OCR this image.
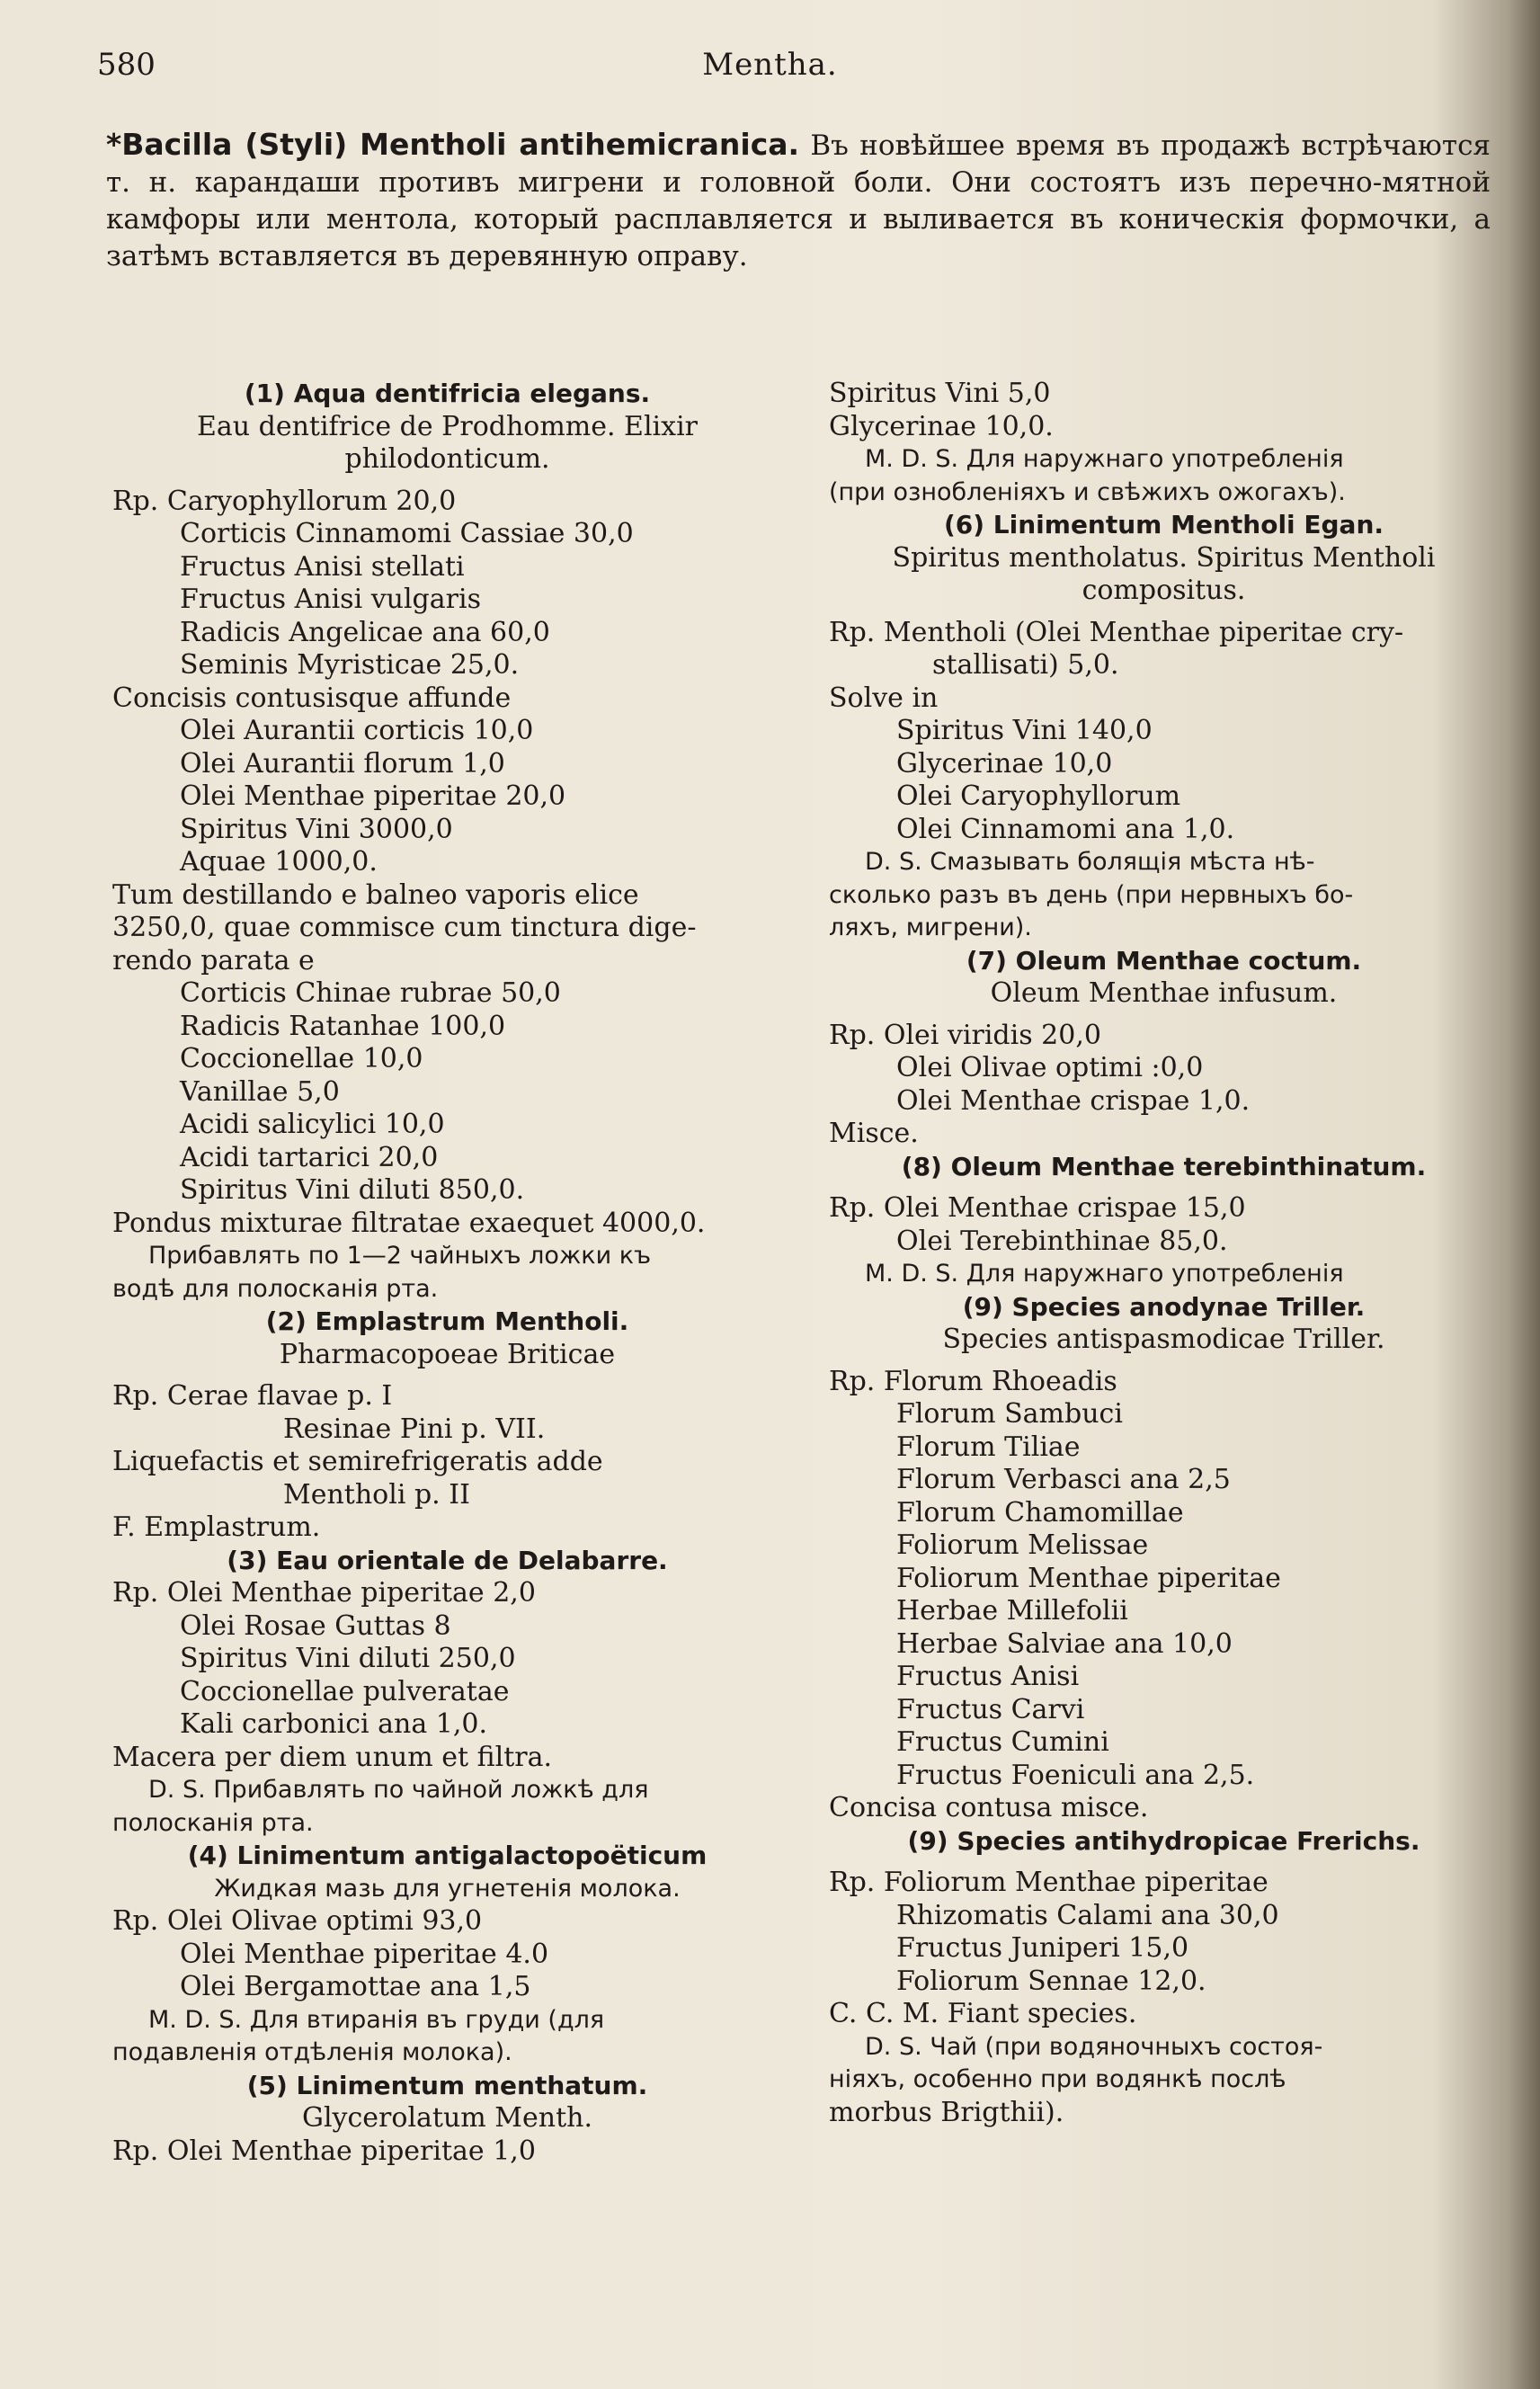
580	Mentha.
*Bacilla (Styli) Mentholi antihemicranica. Въ новѣйшее время въ продажѣ встрѣчаются т. н. карандаши противъ мигрени и головной боли. Они состоятъ изъ перечно-мятной камфоры или ментола, который расплавляется и выливается въ коническія формочки, а затѣмъ вставляется въ деревянную оправу.
(1) Aqua dentifricia elegans.
Eau dentifrice de Prodhomme. Elixir
philodonticum.
Rp. Caryophyllorum 20,0
Corticis Cinnamomi Cassiae 30,0
Fructus Anisi stellati
Fructus Anisi vulgaris
Radicis Angelicae ana 60,0
Seminis Myristicae 25,0.
Concisis contusisque affunde
Olei Aurantii corticis 10,0
Olei Aurantii florum 1,0
Olei Menthae piperitae 20,0
Spiritus Vini 3000,0
Aquae 1000,0.
Tum destillando e balneo vaporis elice
3250,0, quae commisce cum tinctura dige-
rendo parata e
Corticis Chinae rubrae 50,0
Radicis Ratanhae 100,0
Coccionellae 10,0
Vanillae 5,0
Acidi salicylici 10,0
Acidi tartarici 20,0
Spiritus Vini diluti 850,0.
Pondus mixturae filtratae exaequet 4000,0.
Прибавлять по 1—2 чайныхъ ложки къ
водѣ для полосканія рта.
(2) Emplastrum Mentholi.
Pharmacopoeae Briticae
Rp. Cerae flavae p. I
Resinae Pini p. VII.
Liquefactis et semirefrigeratis adde
Mentholi p. II
F. Emplastrum.
(3) Eau orientale de Delabarre.
Rp. Olei Menthae piperitae 2,0
Olei Rosae Guttas 8
Spiritus Vini diluti 250,0
Coccionellae pulveratae
Kali carbonici ana 1,0.
Macera per diem unum et filtra.
D. S. Прибавлять по чайной ложкѣ для
полосканія рта.
(4) Linimentum antigalactopoëticum
Жидкая мазь для угнетенія молока.
Rp. Olei Olivae optimi 93,0
Olei Menthae piperitae 4.0
Olei Bergamottae ana 1,5
M. D. S. Для втиранія въ груди (для
подавленія отдѣленія молока).
(5) Linimentum menthatum.
Glycerolatum Menth.
Rp. Olei Menthae piperitae 1,0
Spiritus Vini 5,0
Glycerinae 10,0.
M. D. S. Для наружнаго употребленія
(при ознобленіяхъ и свѣжихъ ожогахъ).
(6) Linimentum Mentholi Egan.
Spiritus mentholatus. Spiritus Mentholi
compositus.
Rp. Mentholi (Olei Menthae piperitae cry-
stallisati) 5,0.
Solve in
Spiritus Vini 140,0
Glycerinae 10,0
Olei Caryophyllorum
Olei Cinnamomi ana 1,0.
D. S. Смазывать болящія мѣста нѣ-
сколько разъ въ день (при нервныхъ бо-
ляхъ, мигрени).
(7) Oleum Menthae coctum.
Oleum Menthae infusum.
Rp. Olei viridis 20,0
Olei Olivae optimi :0,0
Olei Menthae crispae 1,0.
Misce.
(8) Oleum Menthae terebinthinatum.
Rp. Olei Menthae crispae 15,0
Olei Terebinthinae 85,0.
M. D. S. Для наружнаго употребленія
(9) Species anodynae Triller.
Species antispasmodicae Triller.
Rp. Florum Rhoeadis
Florum Sambuci
Florum Tiliae
Florum Verbasci ana 2,5
Florum Chamomillae
Foliorum Melissae
Foliorum Menthae piperitae
Herbae Millefolii
Herbae Salviae ana 10,0
Fructus Anisi
Fructus Carvi
Fructus Cumini
Fructus Foeniculi ana 2,5.
Concisa contusa misce.
(9) Species antihydropicae Frerichs.
Rp. Foliorum Menthae piperitae
Rhizomatis Calami ana 30,0
Fructus Juniperi 15,0
Foliorum Sennae 12,0.
C. C. M. Fiant species.
D. S. Чай (при водяночныхъ состоя-
ніяхъ, особенно при водянкѣ послѣ
morbus Brigthii).
